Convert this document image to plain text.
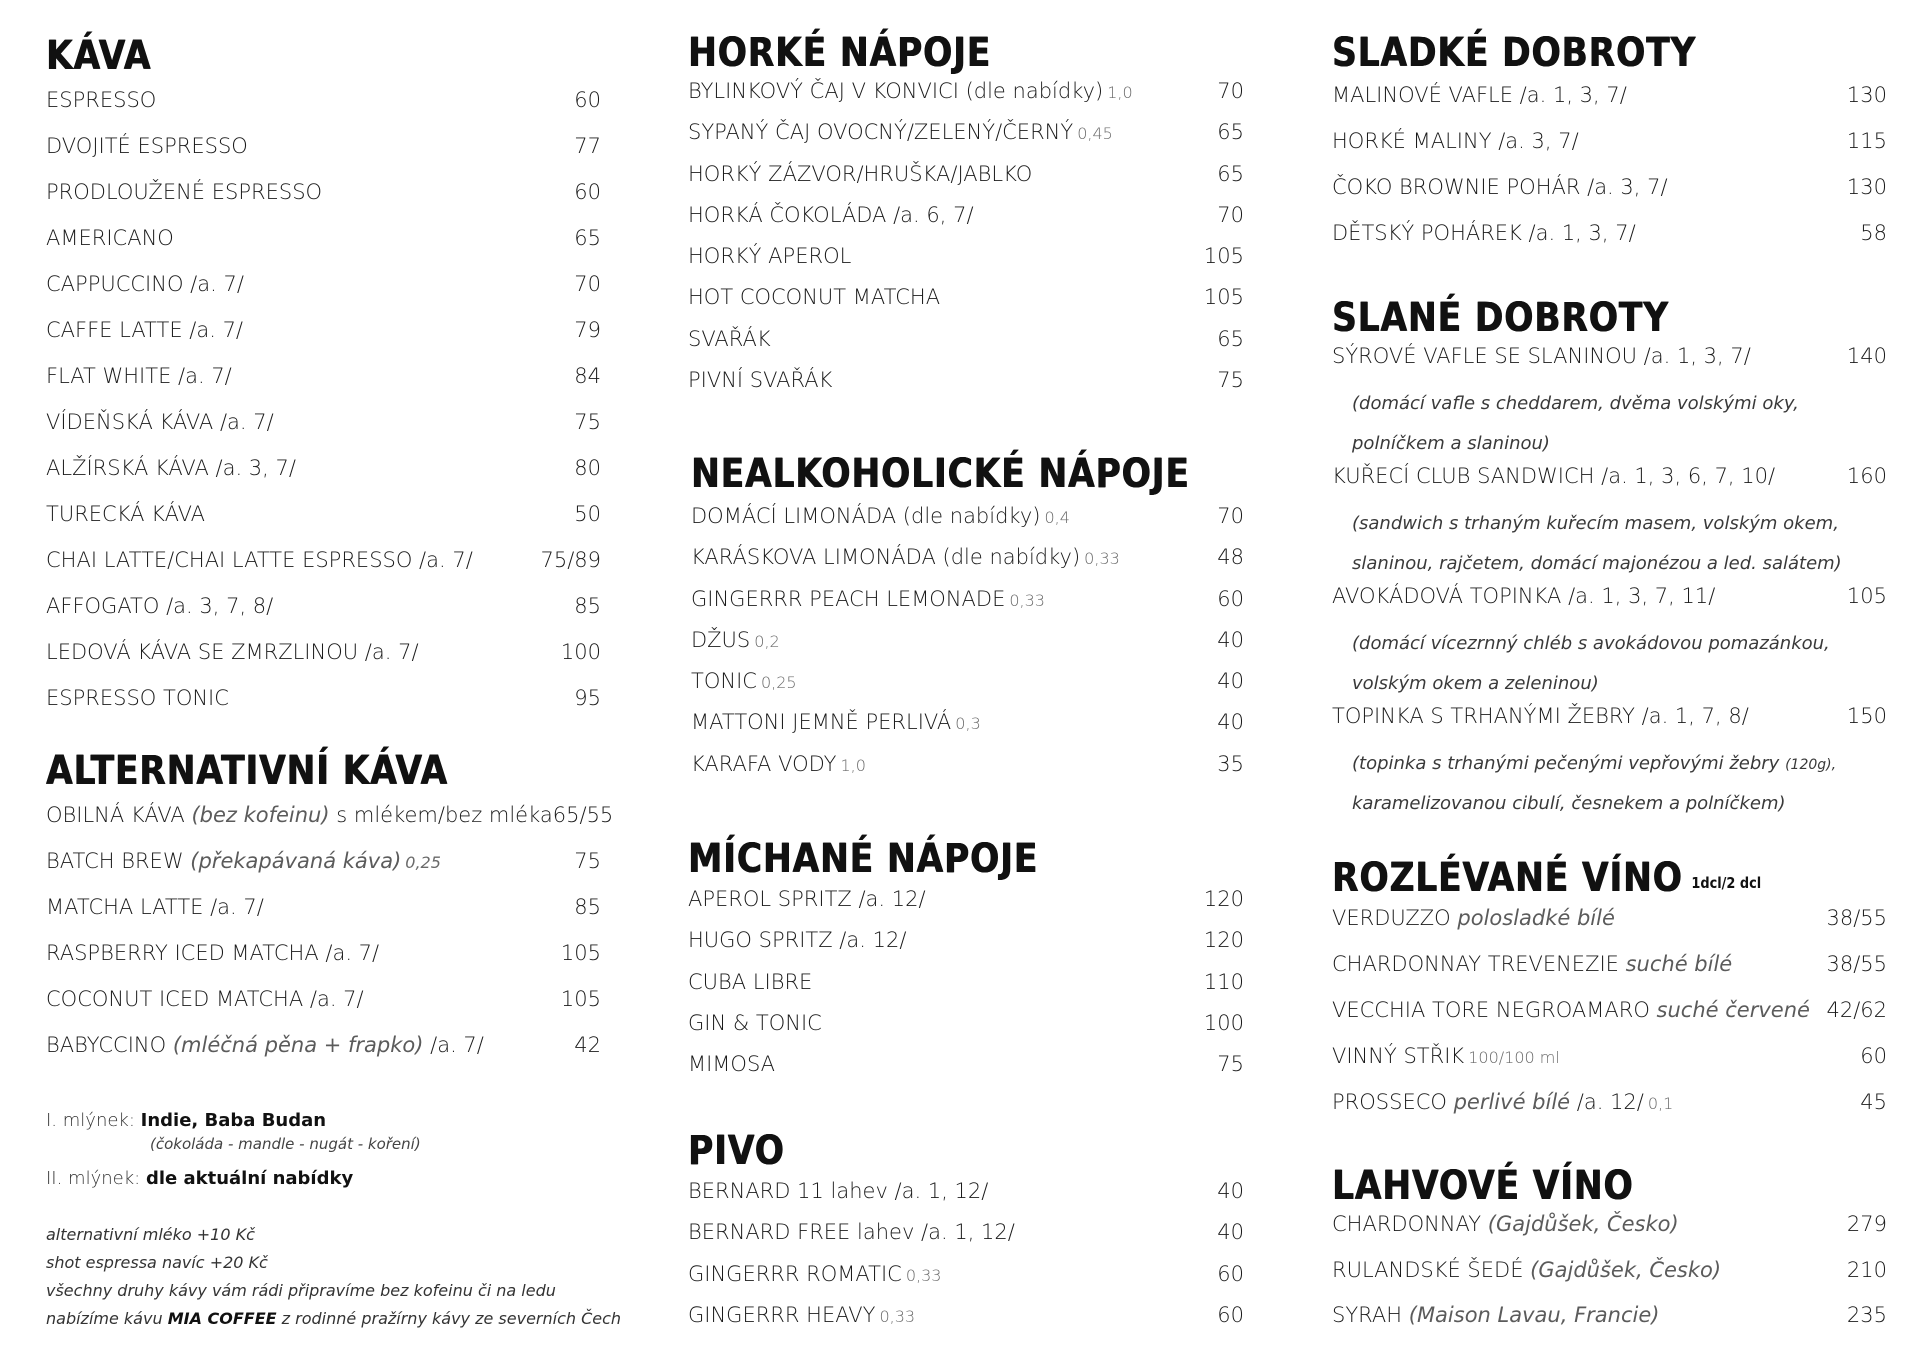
KÁVA
ESPRESSO	60
DVOJITÉ ESPRESSO	77
PRODLOUŽENÉ ESPRESSO	60
AMERICANO	65
CAPPUCCINO /a. 7/	70
CAFFE LATTE /a. 7/	79
FLAT WHITE /a. 7/	84
VÍDEŇSKÁ KÁVA /a. 7/	75
ALŽÍRSKÁ KÁVA /a. 3, 7/	80
TURECKÁ KÁVA	50
CHAI LATTE/CHAI LATTE ESPRESSO /a. 7/	75/89
AFFOGATO /a. 3, 7, 8/	85
LEDOVÁ KÁVA SE ZMRZLINOU /a. 7/	100
ESPRESSO TONIC	95
ALTERNATIVNÍ KÁVA
OBILNÁ KÁVA (bez kofeinu) s mlékem/bez mléka 65/55
BATCH BREW (překapávaná káva) 0,25	75
MATCHA LATTE /a. 7/	85
RASPBERRY ICED MATCHA /a. 7/	105
COCONUT ICED MATCHA /a. 7/	105
BABYCCINO (mléčná pěna + frapko) /a. 7/	42
I. mlýnek: Indie, Baba Budan
(čokoláda - mandle - nugát - koření)
II. mlýnek: dle aktuální nabídky
alternativní mléko +10 Kč
shot espressa navíc +20 Kč
všechny druhy kávy vám rádi připravíme bez kofeinu či na ledu
nabízíme kávu MIA COFFEE z rodinné pražírny kávy ze severních Čech
HORKÉ NÁPOJE
BYLINKOVÝ ČAJ V KONVICI (dle nabídky) 1,0	70
SYPANÝ ČAJ OVOCNÝ/ZELENÝ/ČERNÝ 0,45	65
HORKÝ ZÁZVOR/HRUŠKA/JABLKO	65
HORKÁ ČOKOLÁDA /a. 6, 7/	70
HORKÝ APEROL	105
HOT COCONUT MATCHA	105
SVAŘÁK	65
PIVNÍ SVAŘÁK	75
NEALKOHOLICKÉ NÁPOJE
DOMÁCÍ LIMONÁDA (dle nabídky) 0,4	70
KARÁSKOVA LIMONÁDA (dle nabídky) 0,33	48
GINGERRR PEACH LEMONADE 0,33	60
DŽUS 0,2	40
TONIC 0,25	40
MATTONI JEMNĚ PERLIVÁ 0,3	40
KARAFA VODY 1,0	35
MÍCHANÉ NÁPOJE
APEROL SPRITZ /a. 12/	120
HUGO SPRITZ /a. 12/	120
CUBA LIBRE	110
GIN & TONIC	100
MIMOSA	75
PIVO
BERNARD 11 lahev /a. 1, 12/	40
BERNARD FREE lahev /a. 1, 12/	40
GINGERRR ROMATIC 0,33	60
GINGERRR HEAVY 0,33	60
SLADKÉ DOBROTY
MALINOVÉ VAFLE /a. 1, 3, 7/	130
HORKÉ MALINY /a. 3, 7/	115
ČOKO BROWNIE POHÁR /a. 3, 7/	130
DĚTSKÝ POHÁREK /a. 1, 3, 7/	58
SLANÉ DOBROTY
SÝROVÉ VAFLE SE SLANINOU /a. 1, 3, 7/	140
(domácí vafle s cheddarem, dvěma volskými oky,
polníčkem a slaninou)
KUŘECÍ CLUB SANDWICH /a. 1, 3, 6, 7, 10/	160
(sandwich s trhaným kuřecím masem, volským okem,
slaninou, rajčetem, domácí majonézou a led. salátem)
AVOKÁDOVÁ TOPINKA /a. 1, 3, 7, 11/	105
(domácí vícezrnný chléb s avokádovou pomazánkou,
volským okem a zeleninou)
TOPINKA S TRHANÝMI ŽEBRY /a. 1, 7, 8/	150
(topinka s trhanými pečenými vepřovými žebry (120g),
karamelizovanou cibulí, česnekem a polníčkem)
ROZLÉVANÉ VÍNO 1dcl/2 dcl
VERDUZZO polosladké bílé	38/55
CHARDONNAY TREVENEZIE suché bílé	38/55
VECCHIA TORE NEGROAMARO suché červené 42/62
VINNÝ STŘIK 100/100 ml	60
PROSSECO perlivé bílé /a. 12/ 0,1	45
LAHVOVÉ VÍNO
CHARDONNAY (Gajdůšek, Česko)	279
RULANDSKÉ ŠEDÉ (Gajdůšek, Česko)	210
SYRAH (Maison Lavau, Francie)	235
